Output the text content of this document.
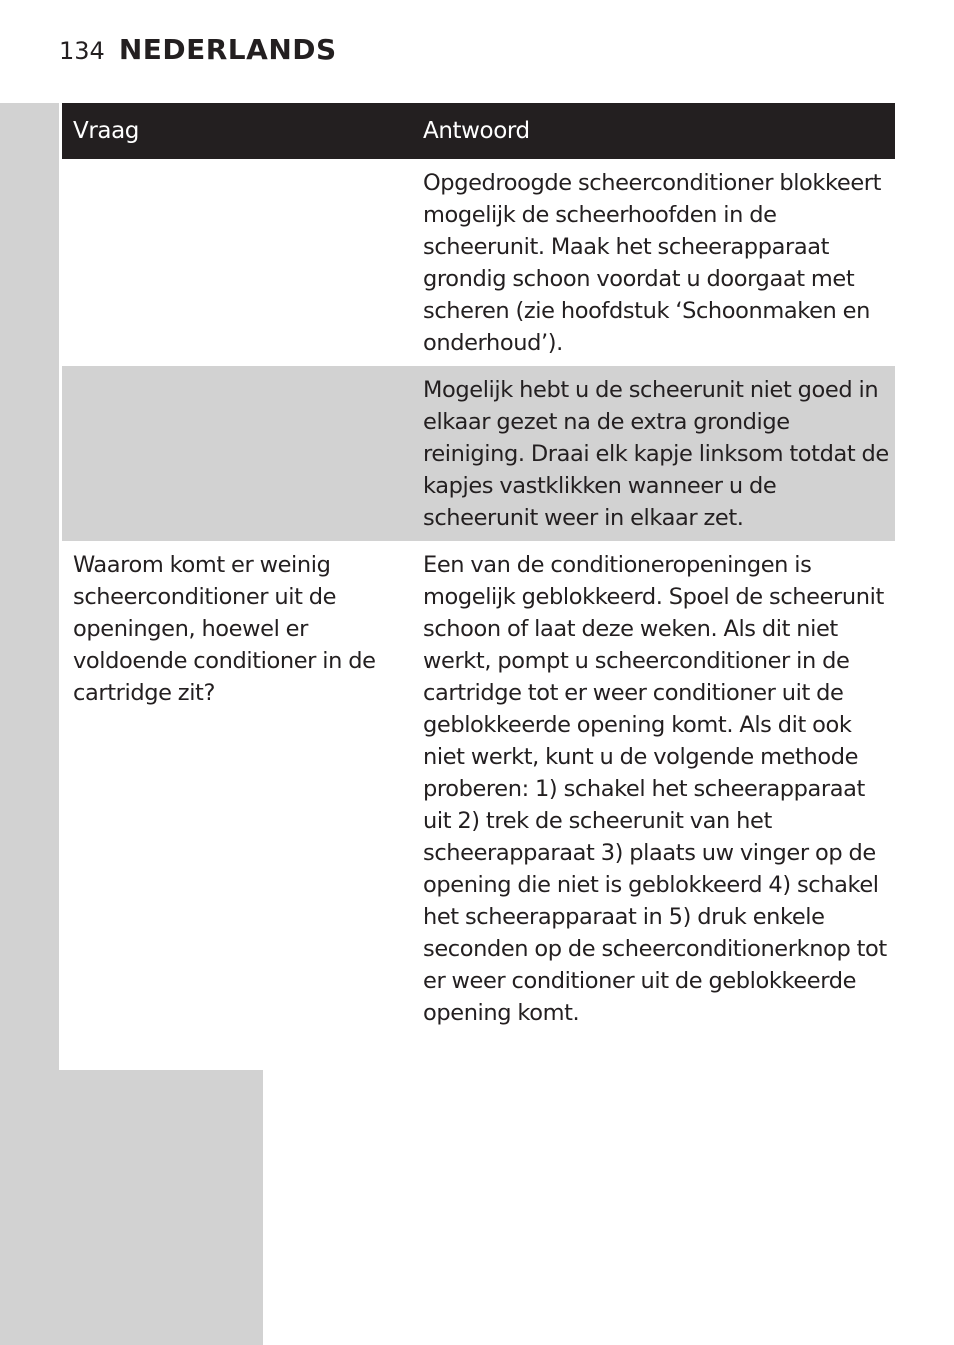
134 NEDERLANDS
Vraag	Antwoord
Opgedroogde scheerconditioner blokkeert mogelijk de scheerhoofden in de scheerunit. Maak het scheerapparaat grondig schoon voordat u doorgaat met scheren (zie hoofdstuk ‘Schoonmaken en onderhoud’).
Mogelijk hebt u de scheerunit niet goed in elkaar gezet na de extra grondige reiniging. Draai elk kapje linksom totdat de kapjes vastklikken wanneer u de scheerunit weer in elkaar zet.
Waarom komt er weinig scheerconditioner uit de openingen, hoewel er voldoende conditioner in de cartridge zit?
Een van de conditioneropeningen is mogelijk geblokkeerd. Spoel de scheerunit schoon of laat deze weken. Als dit niet werkt, pompt u scheerconditioner in de cartridge tot er weer conditioner uit de geblokkeerde opening komt. Als dit ook niet werkt, kunt u de volgende methode proberen: 1) schakel het scheerapparaat uit 2) trek de scheerunit van het scheerapparaat 3) plaats uw vinger op de opening die niet is geblokkeerd 4) schakel het scheerapparaat in 5) druk enkele seconden op de scheerconditionerknop tot er weer conditioner uit de geblokkeerde opening komt.
